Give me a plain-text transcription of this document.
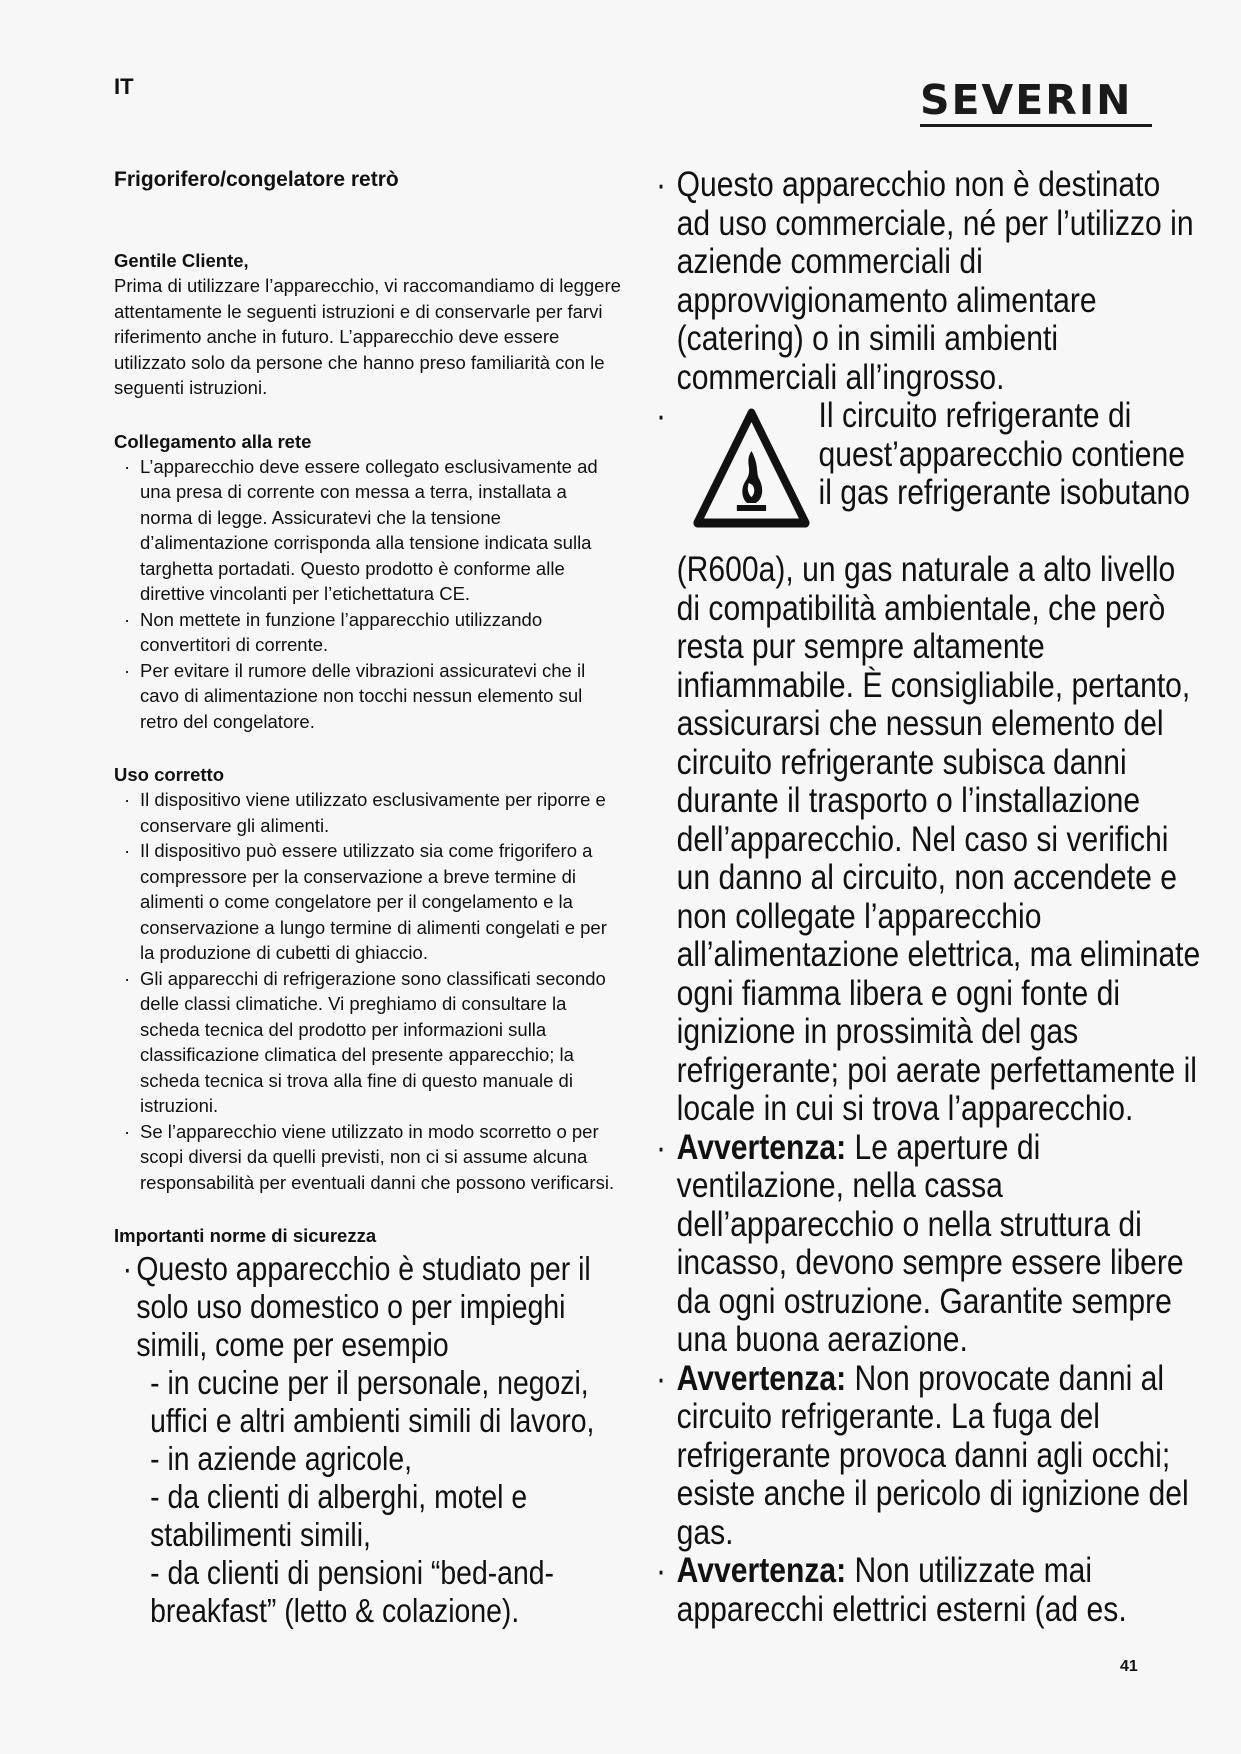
IT	SEVERIN
Frigorifero/congelatore retrò

Gentile Cliente,

Prima di utilizzare l’apparecchio, vi raccomandiamo di leggere attentamente le seguenti istruzioni e di conservarle per farvi riferimento anche in futuro. L’apparecchio deve essere utilizzato solo da persone che hanno preso familiarità con le seguenti istruzioni.

Collegamento alla rete

· L’apparecchio deve essere collegato esclusivamente ad una presa di corrente con messa a terra, installata a norma di legge. Assicuratevi che la tensione d’alimentazione corrisponda alla tensione indicata sulla targhetta portadati. Questo prodotto è conforme alle direttive vincolanti per l’etichettatura CE.
· Non mettete in funzione l’apparecchio utilizzando convertitori di corrente.
· Per evitare il rumore delle vibrazioni assicuratevi che il cavo di alimentazione non tocchi nessun elemento sul retro del congelatore.

Uso corretto

· Il dispositivo viene utilizzato esclusivamente per riporre e conservare gli alimenti.
· Il dispositivo può essere utilizzato sia come frigorifero a compressore per la conservazione a breve termine di alimenti o come congelatore per il congelamento e la conservazione a lungo termine di alimenti congelati e per la produzione di cubetti di ghiaccio.
· Gli apparecchi di refrigerazione sono classificati secondo delle classi climatiche. Vi preghiamo di consultare la scheda tecnica del prodotto per informazioni sulla classificazione climatica del presente apparecchio; la scheda tecnica si trova alla fine di questo manuale di istruzioni.
· Se l’apparecchio viene utilizzato in modo scorretto o per scopi diversi da quelli previsti, non ci si assume alcuna responsabilità per eventuali danni che possono verificarsi.

Importanti norme di sicurezza

· Questo apparecchio è studiato per il solo uso domestico o per impieghi simili, come per esempio
- in cucine per il personale, negozi, uffici e altri ambienti simili di lavoro,
- in aziende agricole,
- da clienti di alberghi, motel e stabilimenti simili,
- da clienti di pensioni “bed-and-breakfast” (letto & colazione).
· Questo apparecchio non è destinato ad uso commerciale, né per l’utilizzo in aziende commerciali di approvvigionamento alimentare (catering) o in simili ambienti commerciali all’ingrosso.
·	Il circuito refrigerante di quest’apparecchio contiene il gas refrigerante isobutano
(R600a), un gas naturale a alto livello di compatibilità ambientale, che però resta pur sempre altamente infiammabile. È consigliabile, pertanto, assicurarsi che nessun elemento del circuito refrigerante subisca danni durante il trasporto o l’installazione dell’apparecchio. Nel caso si verifichi un danno al circuito, non accendete e non collegate l’apparecchio all’alimentazione elettrica, ma eliminate ogni fiamma libera e ogni fonte di ignizione in prossimità del gas refrigerante; poi aerate perfettamente il locale in cui si trova l’apparecchio.
· Avvertenza: Le aperture di ventilazione, nella cassa dell’apparecchio o nella struttura di incasso, devono sempre essere libere da ogni ostruzione. Garantite sempre una buona aerazione.
· Avvertenza: Non provocate danni al circuito refrigerante. La fuga del refrigerante provoca danni agli occhi; esiste anche il pericolo di ignizione del gas.
· Avvertenza: Non utilizzate mai apparecchi elettrici esterni (ad es.
41
